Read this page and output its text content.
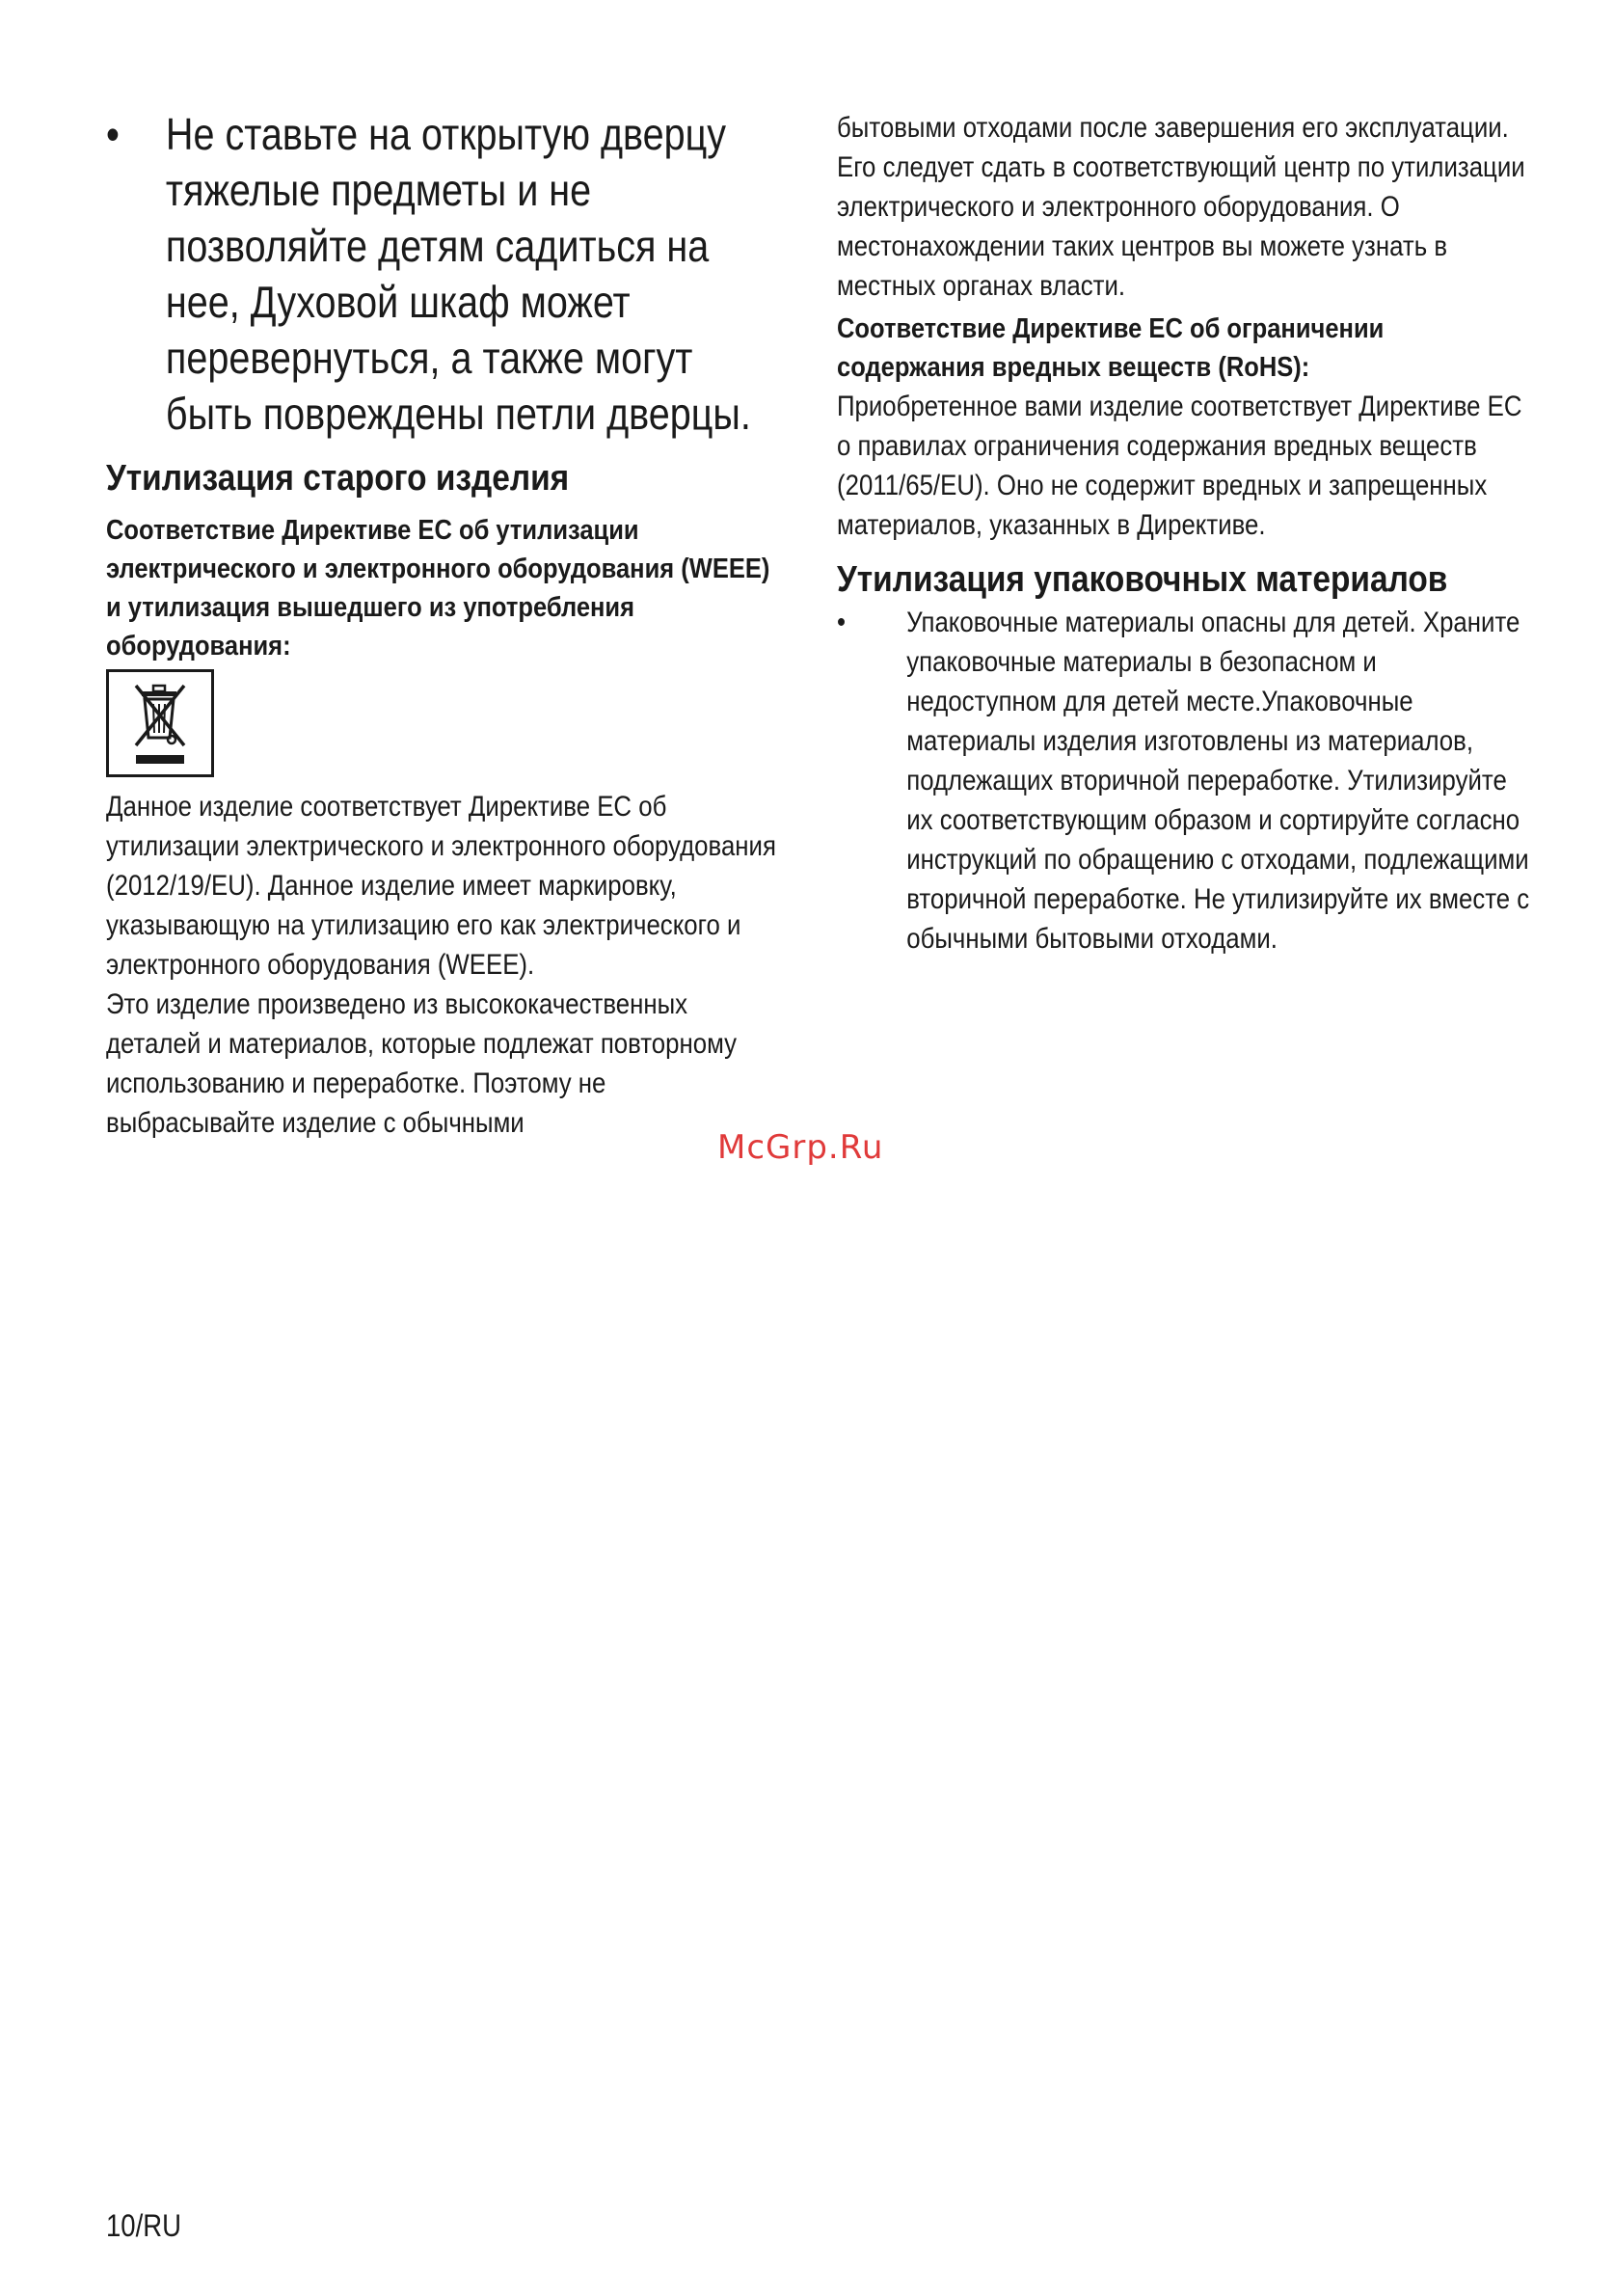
•	Не ставьте на открытую дверцу тяжелые предметы и не позволяйте детям садиться на нее, Духовой шкаф может перевернуться, а также могут быть повреждены петли дверцы.
Утилизация старого изделия
Соответствие Директиве ЕС об утилизации электрического и электронного оборудования (WEEE) и утилизация вышедшего из употребления оборудования:
Данное изделие соответствует Директиве ЕС об утилизации электрического и электронного оборудования (2012/19/EU). Данное изделие имеет маркировку, указывающую на утилизацию его как электрического и электронного оборудования (WEEE).
Это изделие произведено из высококачественных деталей и материалов, которые подлежат повторному использованию и переработке. Поэтому не выбрасывайте изделие с обычными
бытовыми отходами после завершения его эксплуатации. Его следует сдать в соответствующий центр по утилизации электрического и электронного оборудования. О местонахождении таких центров вы можете узнать в местных органах власти.
Соответствие Директиве ЕС об ограничении содержания вредных веществ (RoHS):
Приобретенное вами изделие соответствует Директиве ЕС о правилах ограничения содержания вредных веществ (2011/65/EU). Оно не содержит вредных и запрещенных материалов, указанных в Директиве.
Утилизация упаковочных материалов
•	Упаковочные материалы опасны для детей. Храните упаковочные материалы в безопасном и недоступном для детей месте.Упаковочные материалы изделия изготовлены из материалов, подлежащих вторичной переработке. Утилизируйте их соответствующим образом и сортируйте согласно инструкций по обращению с отходами, подлежащими вторичной переработке. Не утилизируйте их вместе с обычными бытовыми отходами.
McGrp.Ru
10/RU
